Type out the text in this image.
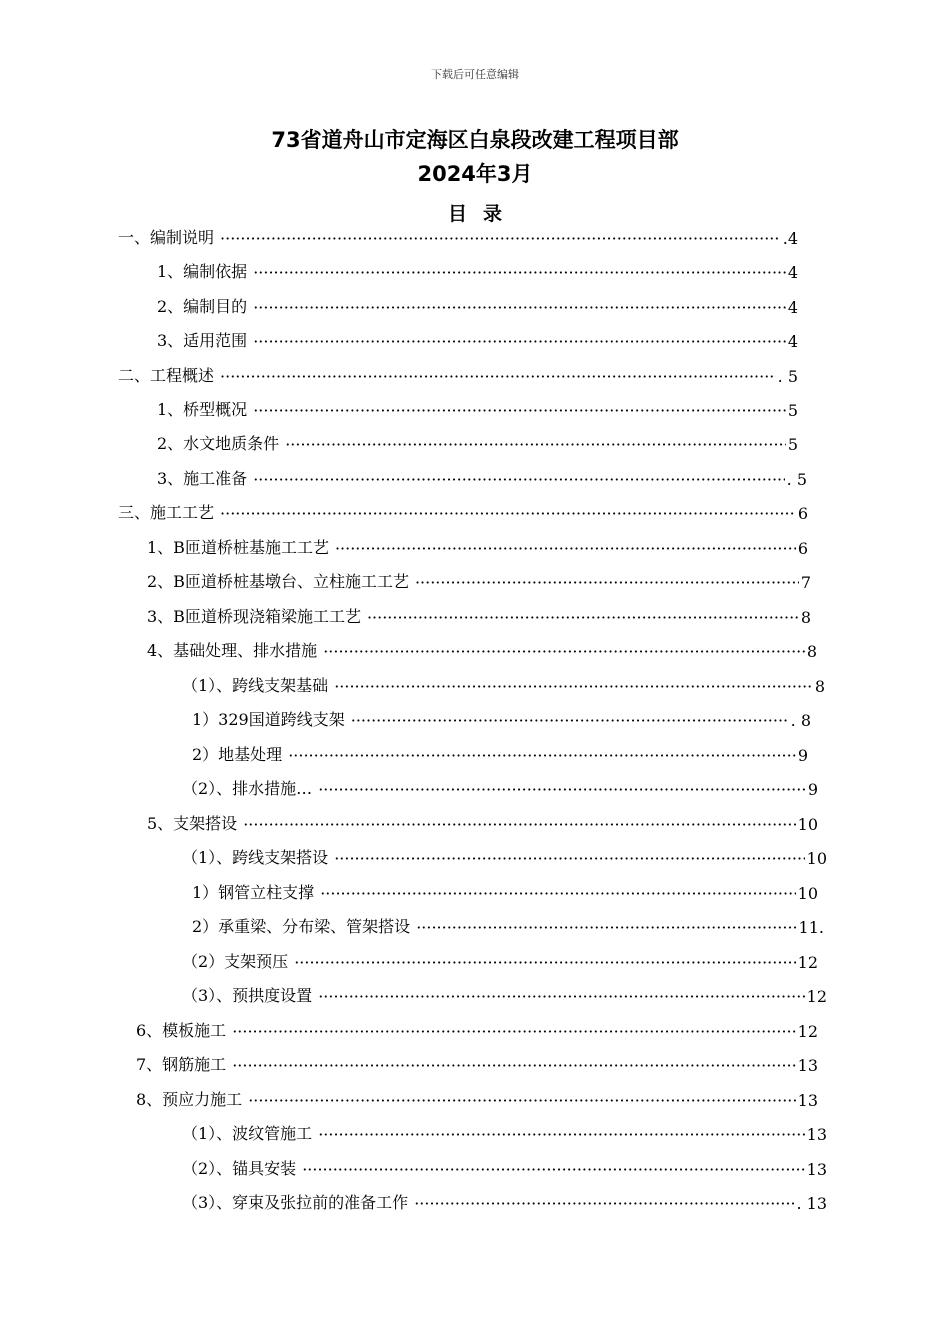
下载后可任意编辑
73省道舟山市定海区白泉段改建工程项目部
2024年3月
目录
一、编制说明 ·····	.4
1、编制依据 ·····	4
2、编制目的 ·····	4
3、适用范围 ·····	4
二、工程概述 ·····	. 5
1、桥型概况 ·····	5
2、水文地质条件 ·····	5
3、施工准备 ·····	. 5
三、施工工艺 ·····	6
1、B匝道桥桩基施工工艺 ·····	6
2、B匝道桥桩基墩台、立柱施工工艺 ·····	7
3、B匝道桥现浇箱梁施工工艺 ·····	8
4、基础处理、排水措施 ·····	8
（1）、跨线支架基础 ·····	8
1）329国道跨线支架 ·····	. 8
2）地基处理 ·····	9
（2）、排水措施… ·····	9
5、支架搭设 ·····	10
（1）、跨线支架搭设 ·····	10
1）钢管立柱支撑 ·····	10
2）承重梁、分布梁、管架搭设 ·····	11.
（2）支架预压 ·····	12
（3）、预拱度设置 ·····	12
6、模板施工 ·····	12
7、钢筋施工 ·····	13
8、预应力施工 ·····	13
（1）、波纹管施工 ·····	13
（2）、锚具安装 ·····	13
（3）、穿束及张拉前的准备工作 ·····	. 13
